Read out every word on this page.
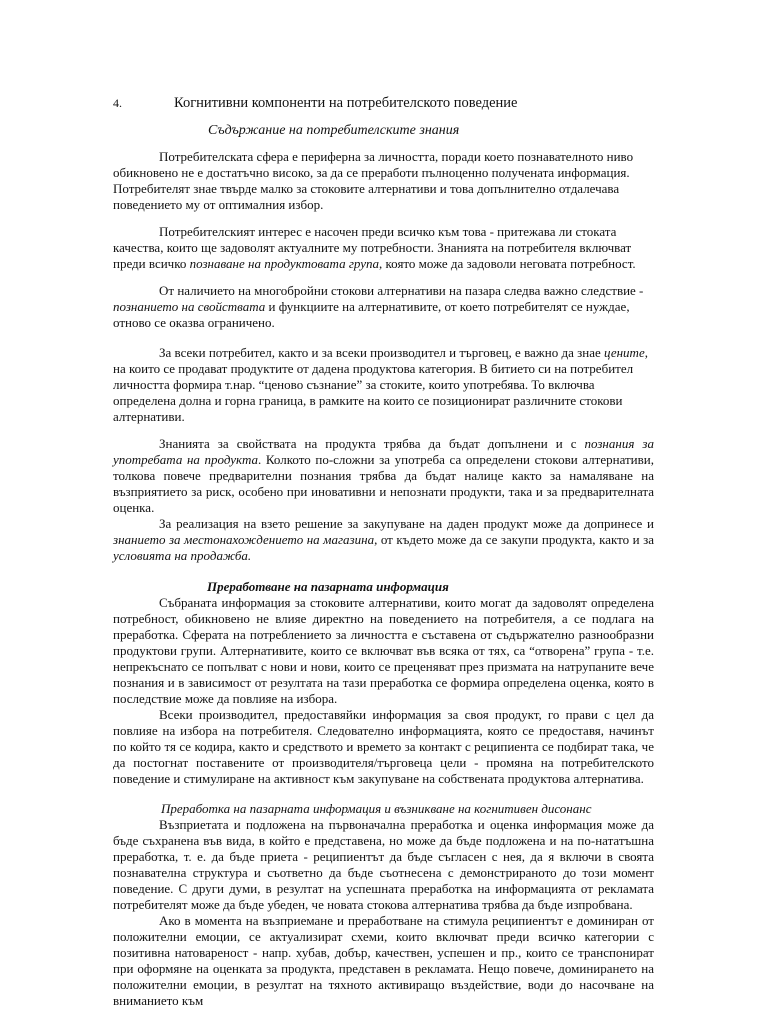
4.	Когнитивни компоненти на потребителското поведение
Съдържание на потребителските знания

Потребителската сфера е периферна за личността, поради което познавателното ниво обикновено не е достатъчно високо, за да се преработи пълноценно получената информация. Потребителят знае твърде малко за стоковите алтернативи и това допълнително отдалечава поведението му от оптималния избор.

Потребителският интерес е насочен преди всичко към това - притежава ли стоката качества, които ще задоволят актуалните му потребности. Знанията на потребителя включват преди всичко познаване на продуктовата група, която може да задоволи неговата потребност.

От наличието на многобройни стокови алтернативи на пазара следва важно следствие - познанието на свойствата и функциите на алтернативите, от което потребителят се нуждае, отново се оказва ограничено.

За всеки потребител, както и за всеки производител и търговец, е важно да знае цените, на които се продават продуктите от дадена продуктова категория. В битието си на потребител личността формира т.нар. “ценово съзнание” за стоките, които употребява. То включва определена долна и горна граница, в рамките на които се позиционират различните стокови алтернативи.

Знанията за свойствата на продукта трябва да бъдат допълнени и с познания за употребата на продукта. Колкото по-сложни за употреба са определени стокови алтернативи, толкова повече предварителни познания трябва да бъдат налице както за намаляване на възприятието за риск, особено при иновативни и непознати продукти, така и за предварителната оценка.

За реализация на взето решение за закупуване на даден продукт може да допринесе и знанието за местонахождението на магазина, от където може да се закупи продукта, както и за условията на продажба.

Преработване на пазарната информация

Събраната информация за стоковите алтернативи, които могат да задоволят определена потребност, обикновено не влияе директно на поведението на потребителя, а се подлага на преработка. Сферата на потреблението за личността е съставена от съдържателно разнообразни продуктови групи. Алтернативите, които се включват във всяка от тях, са “отворена” група - т.е. непрекъснато се попълват с нови и нови, които се преценяват през призмата на натрупаните вече познания и в зависимост от резултата на тази преработка се формира определена оценка, която в последствие може да повлияе на избора.

Всеки производител, предоставяйки информация за своя продукт, го прави с цел да повлияе на избора на потребителя. Следователно информацията, която се предоставя, начинът по който тя се кодира, както и средството и времето за контакт с реципиента се подбират така, че да постогнат поставените от производителя/търговеца цели - промяна на потребителското поведение и стимулиране на активност към закупуване на собствената продуктова алтернатива.

Преработка на пазарната информация и възникване на когнитивен дисонанс

Възприетата и подложена на първоначална преработка и оценка информация може да бъде съхранена във вида, в който е представена, но може да бъде подложена и на по-нататъшна преработка, т. е. да бъде приета - реципиентът да бъде съгласен с нея, да я включи в своята познавателна структура и съответно да бъде съотнесена с демонстрираното до този момент поведение. С други думи, в резултат на успешната преработка на информацията от рекламата потребителят може да бъде убеден, че новата стокова алтернатива трябва да бъде изпробвана.

Ако в момента на възприемане и преработване на стимула реципиентът е доминиран от положителни емоции, се актуализират схеми, които включват преди всичко категории с позитивна натовареност - напр. хубав, добър, качествен, успешен и пр., които се транспонират при оформяне на оценката за продукта, представен в рекламата. Нещо повече, доминирането на положителни емоции, в резултат на тяхното активиращо въздействие, води до насочване на вниманието към
